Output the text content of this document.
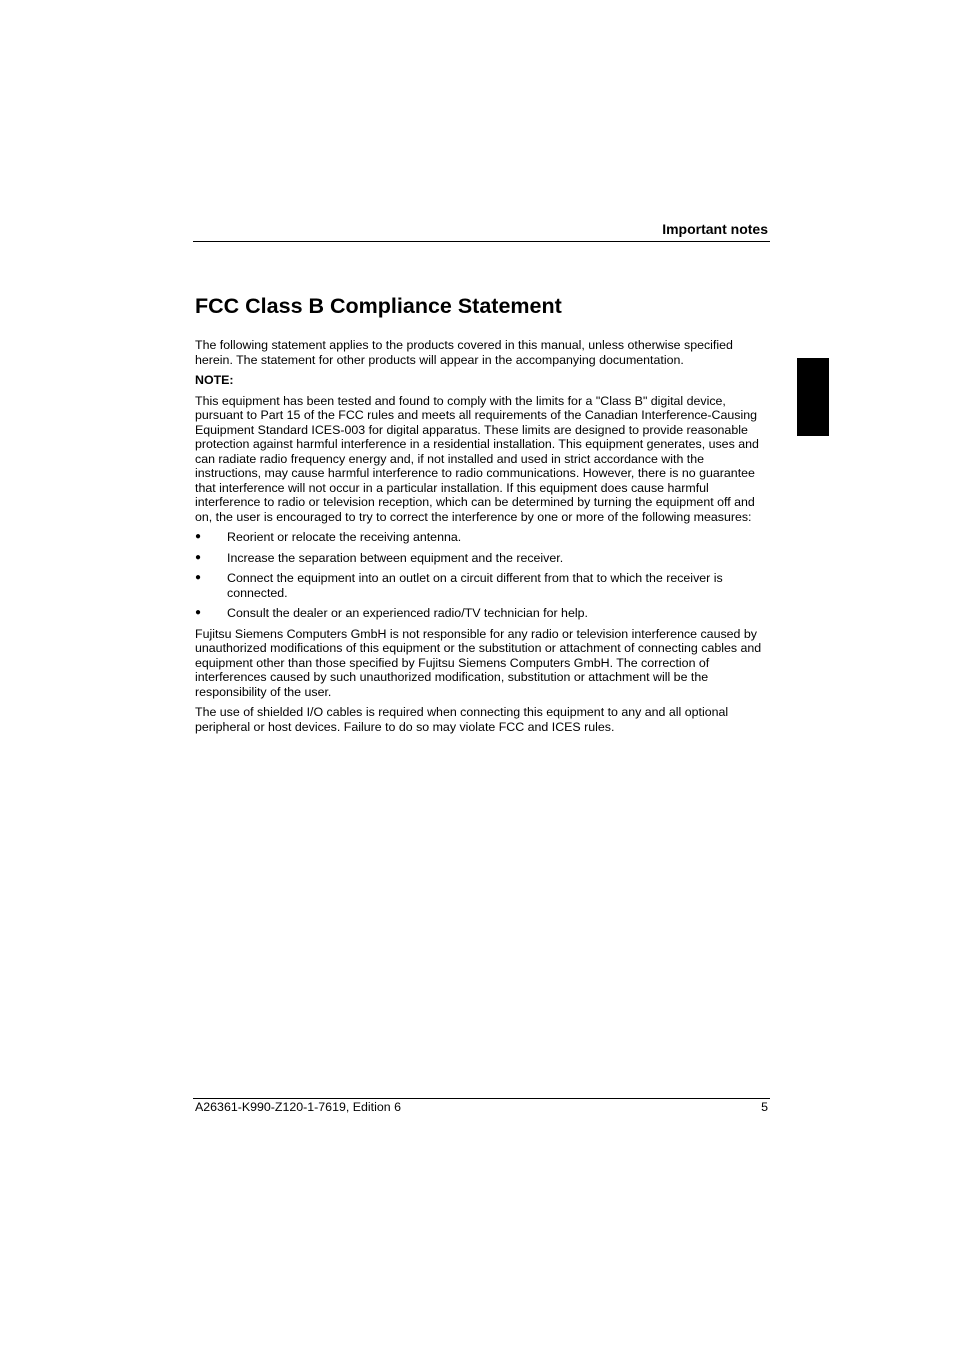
Important notes
FCC Class B Compliance Statement

The following statement applies to the products covered in this manual, unless otherwise specified herein. The statement for other products will appear in the accompanying documentation.

NOTE:

This equipment has been tested and found to comply with the limits for a "Class B" digital device, pursuant to Part 15 of the FCC rules and meets all requirements of the Canadian Interference-Causing Equipment Standard ICES-003 for digital apparatus. These limits are designed to provide reasonable protection against harmful interference in a residential installation. This equipment generates, uses and can radiate radio frequency energy and, if not installed and used in strict accordance with the instructions, may cause harmful interference to radio communications. However, there is no guarantee that interference will not occur in a particular installation. If this equipment does cause harmful interference to radio or television reception, which can be determined by turning the equipment off and on, the user is encouraged to try to correct the interference by one or more of the following measures:

● Reorient or relocate the receiving antenna.
● Increase the separation between equipment and the receiver.
● Connect the equipment into an outlet on a circuit different from that to which the receiver is connected.
● Consult the dealer or an experienced radio/TV technician for help.

Fujitsu Siemens Computers GmbH is not responsible for any radio or television interference caused by unauthorized modifications of this equipment or the substitution or attachment of connecting cables and equipment other than those specified by Fujitsu Siemens Computers GmbH. The correction of interferences caused by such unauthorized modification, substitution or attachment will be the responsibility of the user.

The use of shielded I/O cables is required when connecting this equipment to any and all optional peripheral or host devices. Failure to do so may violate FCC and ICES rules.

A26361-K990-Z120-1-7619, Edition 6	5
